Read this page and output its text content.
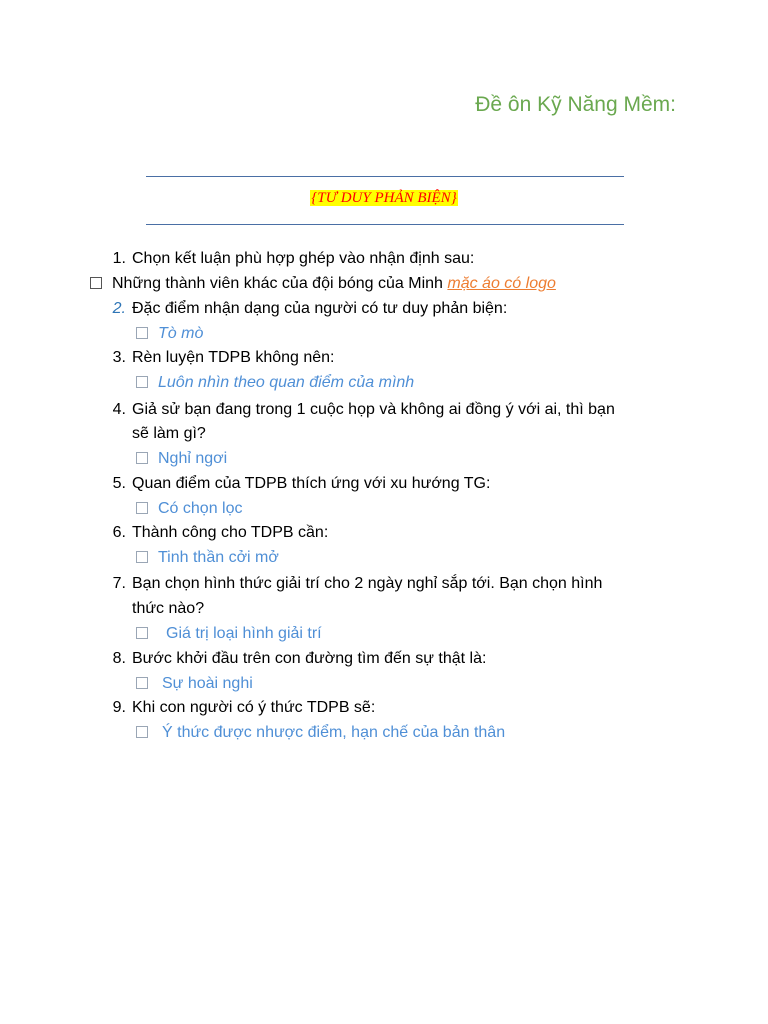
Đề ôn Kỹ Năng Mềm:
{TƯ DUY PHẢN BIỆN}
1. Chọn kết luận phù hợp ghép vào nhận định sau:
Những thành viên khác của đội bóng của Minh mặc áo có logo
2. Đặc điểm nhận dạng của người có tư duy phản biện:
Tò mò
3. Rèn luyện TDPB không nên:
Luôn nhìn theo quan điểm của mình
4. Giả sử bạn đang trong 1 cuộc họp và không ai đồng ý với ai, thì bạn
sẽ làm gì?
Nghỉ ngơi
5. Quan điểm của TDPB thích ứng với xu hướng TG:
Có chọn lọc
6. Thành công cho TDPB cần:
Tinh thần cởi mở
7. Bạn chọn hình thức giải trí cho 2 ngày nghỉ sắp tới. Bạn chọn hình
thức nào?
Giá trị loại hình giải trí
8. Bước khởi đầu trên con đường tìm đến sự thật là:
Sự hoài nghi
9. Khi con người có ý thức TDPB sẽ:
Ý thức được nhược điểm, hạn chế của bản thân
